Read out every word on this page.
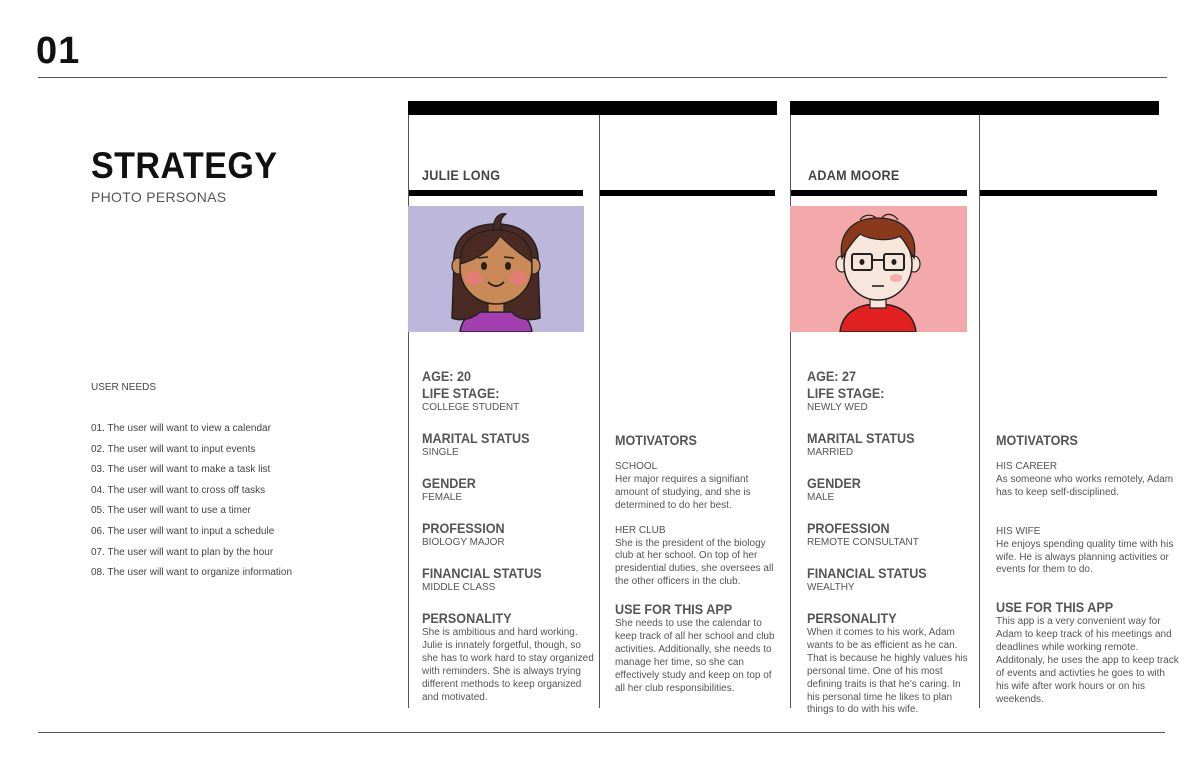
01
STRATEGY
PHOTO PERSONAS
USER NEEDS
01. The user will want to view a calendar
02. The user will want to input events
03. The user will want to make a task list
04. The user will want to cross off tasks
05. The user will want to use a timer
06. The user will want to input a schedule
07. The user will want to plan by the hour
08. The user will want to organize information
JULIE LONG	ADAM MOORE
AGE: 20
LIFE STAGE:
COLLEGE STUDENT
MARITAL STATUS
SINGLE
GENDER
FEMALE
PROFESSION
BIOLOGY MAJOR
FINANCIAL STATUS
MIDDLE CLASS
PERSONALITY
She is ambitious and hard working. Julie is innately forgetful, though, so she has to work hard to stay organized with reminders. She is always trying different methods to keep organized and motivated.
MOTIVATORS
SCHOOL
Her major requires a signifiant amount of studying, and she is determined to do her best.
HER CLUB
She is the president of the biology club at her school. On top of her presidential duties, she oversees all the other officers in the club.
USE FOR THIS APP
She needs to use the calendar to keep track of all her school and club activities. Additionally, she needs to manage her time, so she can effectively study and keep on top of all her club responsibilities.
AGE: 27
LIFE STAGE:
NEWLY WED
MARITAL STATUS
MARRIED
GENDER
MALE
PROFESSION
REMOTE CONSULTANT
FINANCIAL STATUS
WEALTHY
PERSONALITY
When it comes to his work, Adam wants to be as efficient as he can. That is because he highly values his personal time. One of his most defining traits is that he's caring. In his personal time he likes to plan things to do with his wife.
MOTIVATORS
HIS CAREER
As someone who works remotely, Adam has to keep self-disciplined.
HIS WIFE
He enjoys spending quality time with his wife. He is always planning activities or events for them to do.
USE FOR THIS APP
This app is a very convenient way for Adam to keep track of his meetings and deadlines while working remote. Additonaly, he uses the app to keep track of events and activties he goes to with his wife after work hours or on his weekends.
